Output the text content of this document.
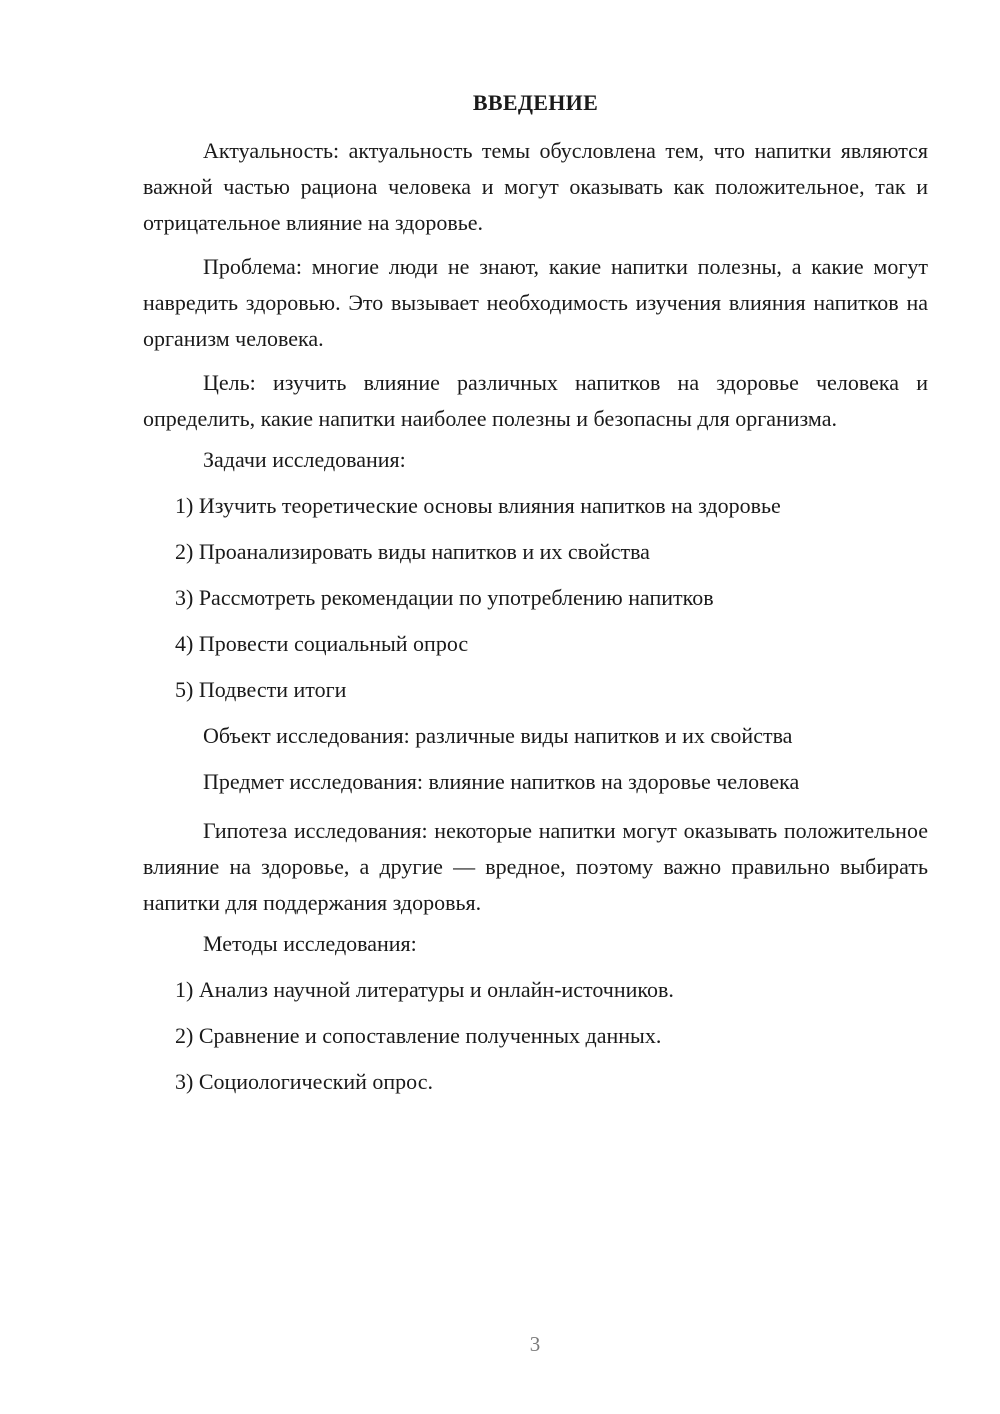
ВВЕДЕНИЕ

Актуальность: актуальность темы обусловлена тем, что напитки являются важной частью рациона человека и могут оказывать как положительное, так и отрицательное влияние на здоровье.

Проблема: многие люди не знают, какие напитки полезны, а какие могут навредить здоровью. Это вызывает необходимость изучения влияния напитков на организм человека.

Цель: изучить влияние различных напитков на здоровье человека и определить, какие напитки наиболее полезны и безопасны для организма.

Задачи исследования:

1) Изучить теоретические основы влияния напитков на здоровье

2) Проанализировать виды напитков и их свойства

3) Рассмотреть рекомендации по употреблению напитков

4) Провести социальный опрос

5) Подвести итоги

Объект исследования: различные виды напитков и их свойства

Предмет исследования: влияние напитков на здоровье человека

Гипотеза исследования: некоторые напитки могут оказывать положительное влияние на здоровье, а другие — вредное, поэтому важно правильно выбирать напитки для поддержания здоровья.

Методы исследования:

1) Анализ научной литературы и онлайн-источников.

2) Сравнение и сопоставление полученных данных.

3) Социологический опрос.

3
